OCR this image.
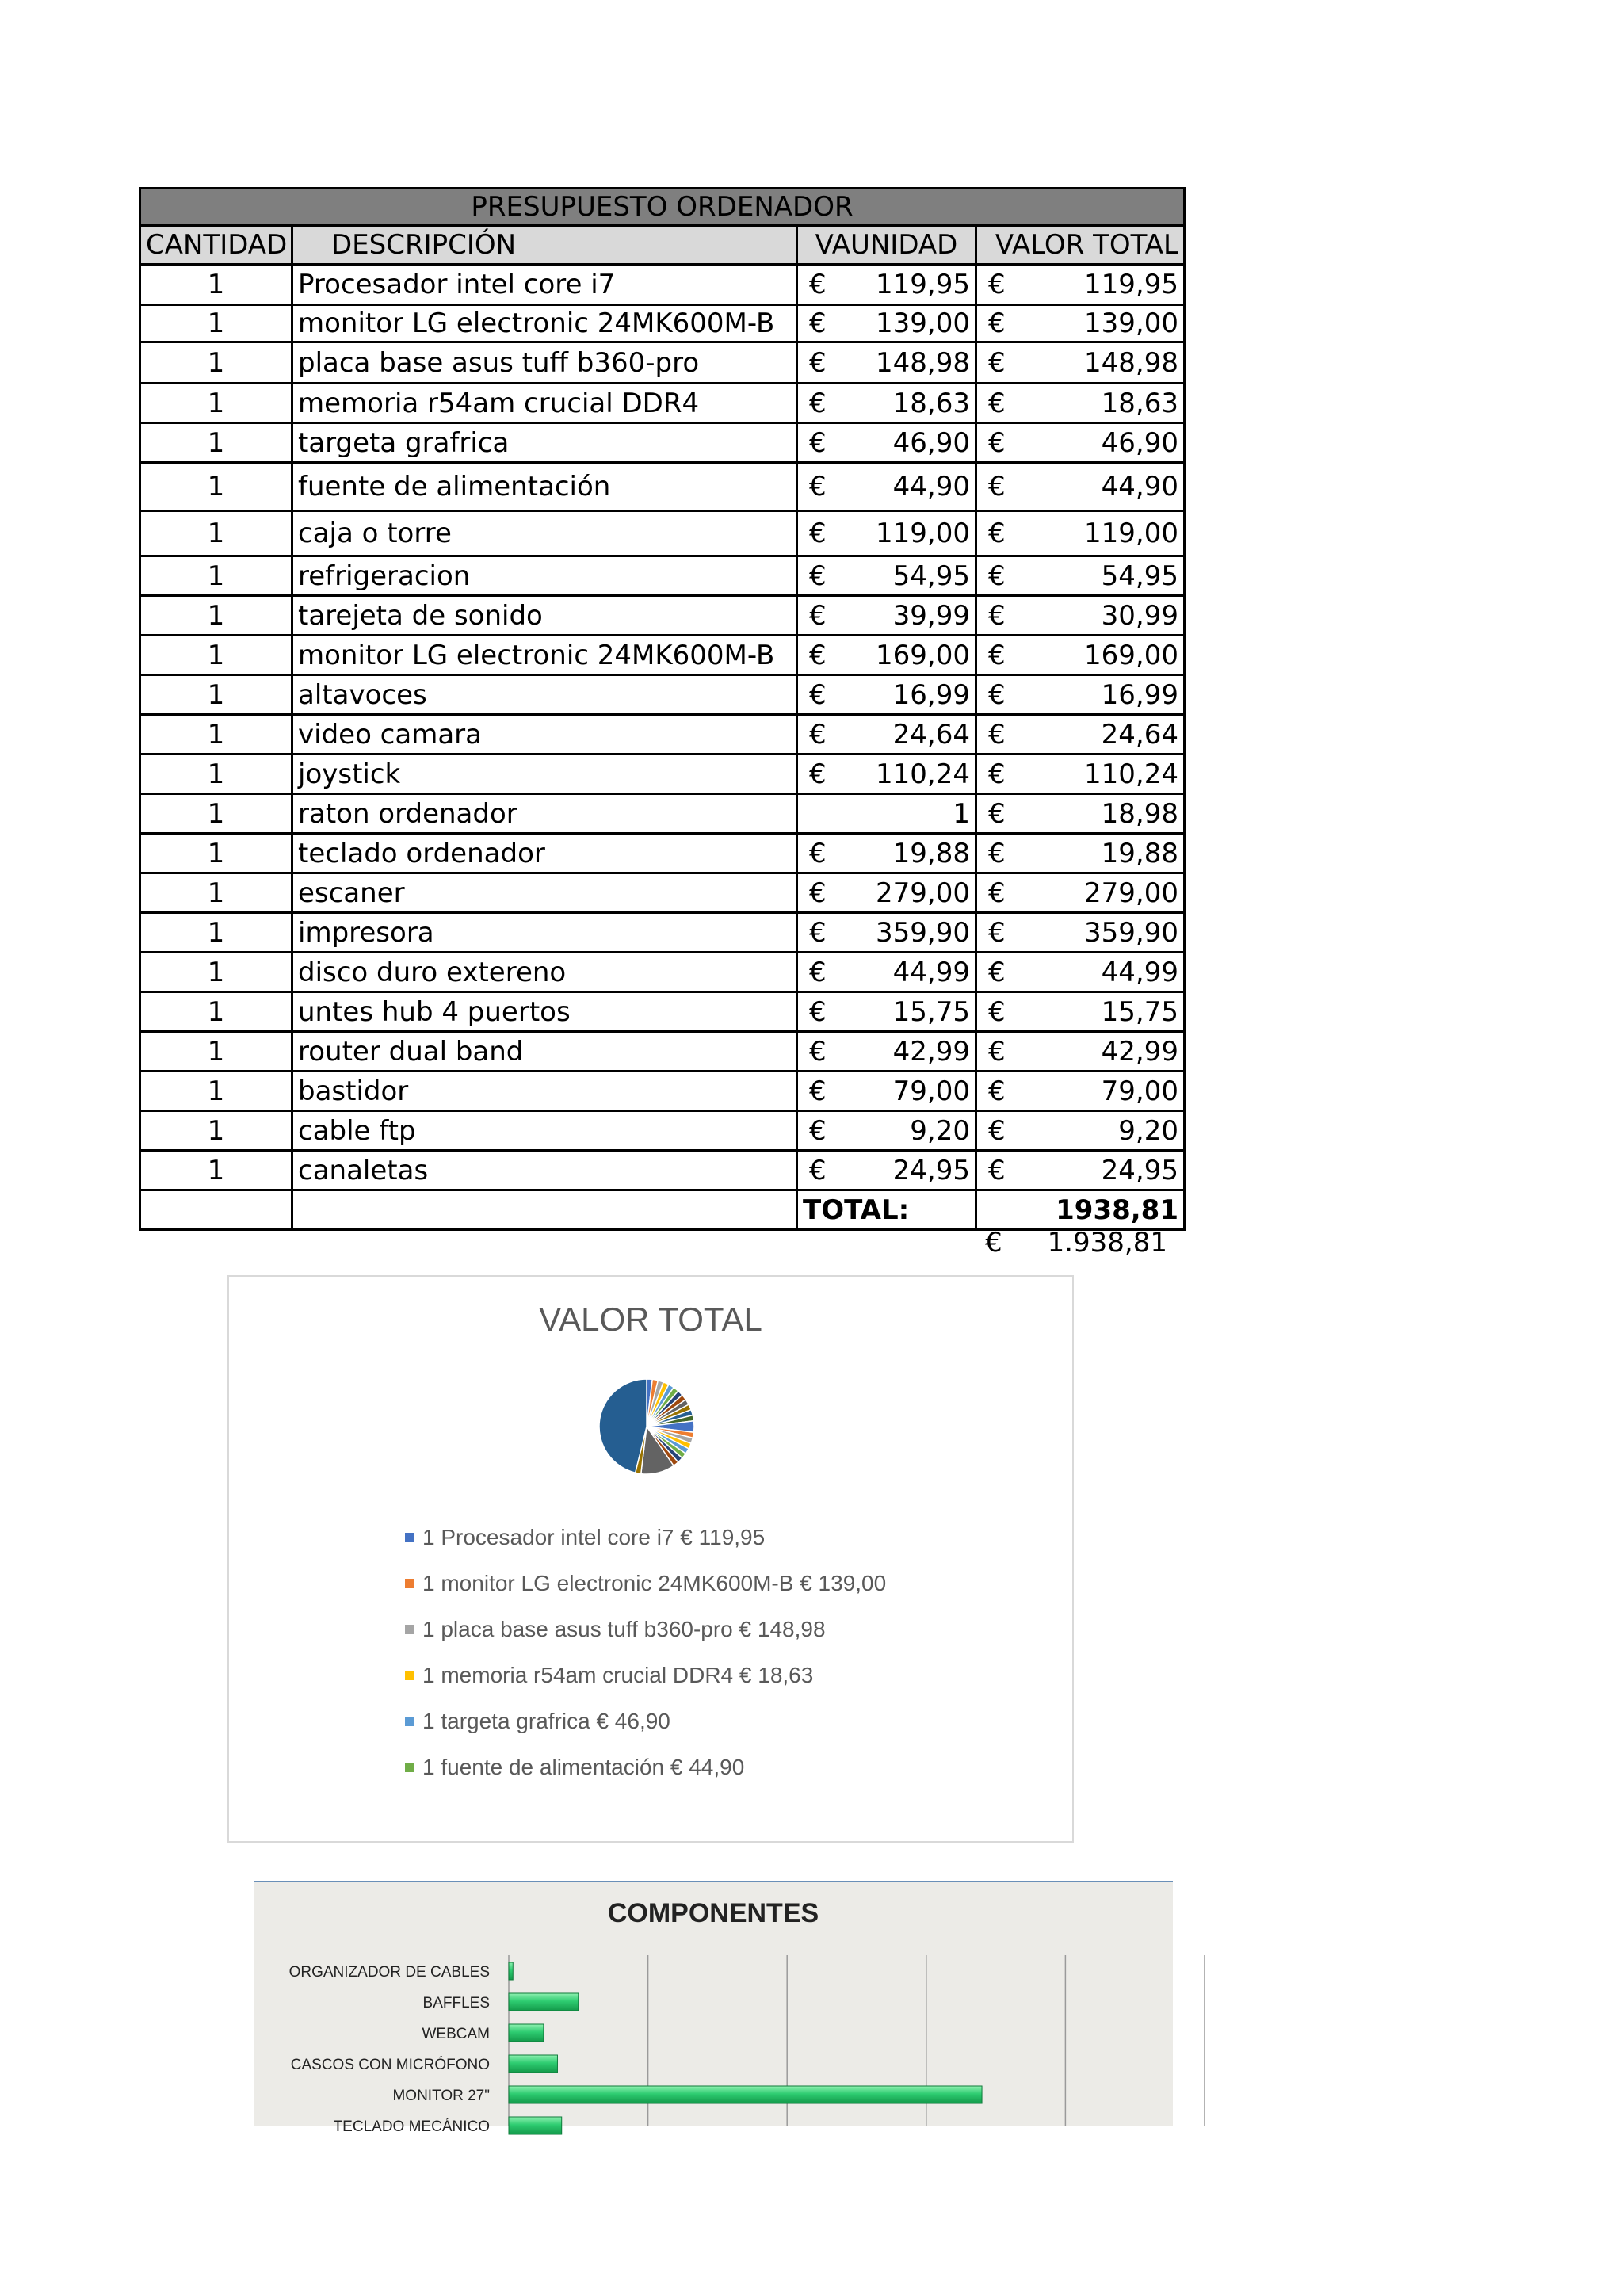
PRESUPUESTO ORDENADOR			
CANTIDAD	DESCRIPCIÓN	VAUNIDAD	VALOR TOTAL
1	Procesador intel core i7	€ 119,95	€ 119,95
1	monitor LG electronic 24MK600M-B	€ 139,00	€ 139,00
1	placa base asus tuff b360-pro	€ 148,98	€ 148,98
1	memoria r54am crucial DDR4	€ 18,63	€ 18,63
1	targeta grafrica	€ 46,90	€ 46,90
1	fuente de alimentación	€ 44,90	€ 44,90
1	caja o torre	€ 119,00	€ 119,00
1	refrigeracion	€ 54,95	€ 54,95
1	tarejeta de sonido	€ 39,99	€ 30,99
1	monitor LG electronic 24MK600M-B	€ 169,00	€ 169,00
1	altavoces	€ 16,99	€ 16,99
1	video camara	€ 24,64	€ 24,64
1	joystick	€ 110,24	€ 110,24
1	raton ordenador	1	€ 18,98
1	teclado ordenador	€ 19,88	€ 19,88
1	escaner	€ 279,00	€ 279,00
1	impresora	€ 359,90	€ 359,90
1	disco duro extereno	€ 44,99	€ 44,99
1	untes hub 4 puertos	€ 15,75	€ 15,75
1	router dual band	€ 42,99	€ 42,99
1	bastidor	€ 79,00	€ 79,00
1	cable ftp	€ 9,20	€ 9,20
1	canaletas	€ 24,95	€ 24,95
		TOTAL:	1938,81
€ 1.938,81
VALOR TOTAL
1 Procesador intel core i7 € 119,95
1 monitor LG electronic 24MK600M-B € 139,00
1 placa base asus tuff b360-pro € 148,98
1 memoria r54am crucial DDR4 € 18,63
1 targeta grafrica € 46,90
1 fuente de alimentación € 44,90
COMPONENTES
ORGANIZADOR DE CABLES
BAFFLES
WEBCAM
CASCOS CON MICRÓFONO
MONITOR 27"
TECLADO MECÁNICO
